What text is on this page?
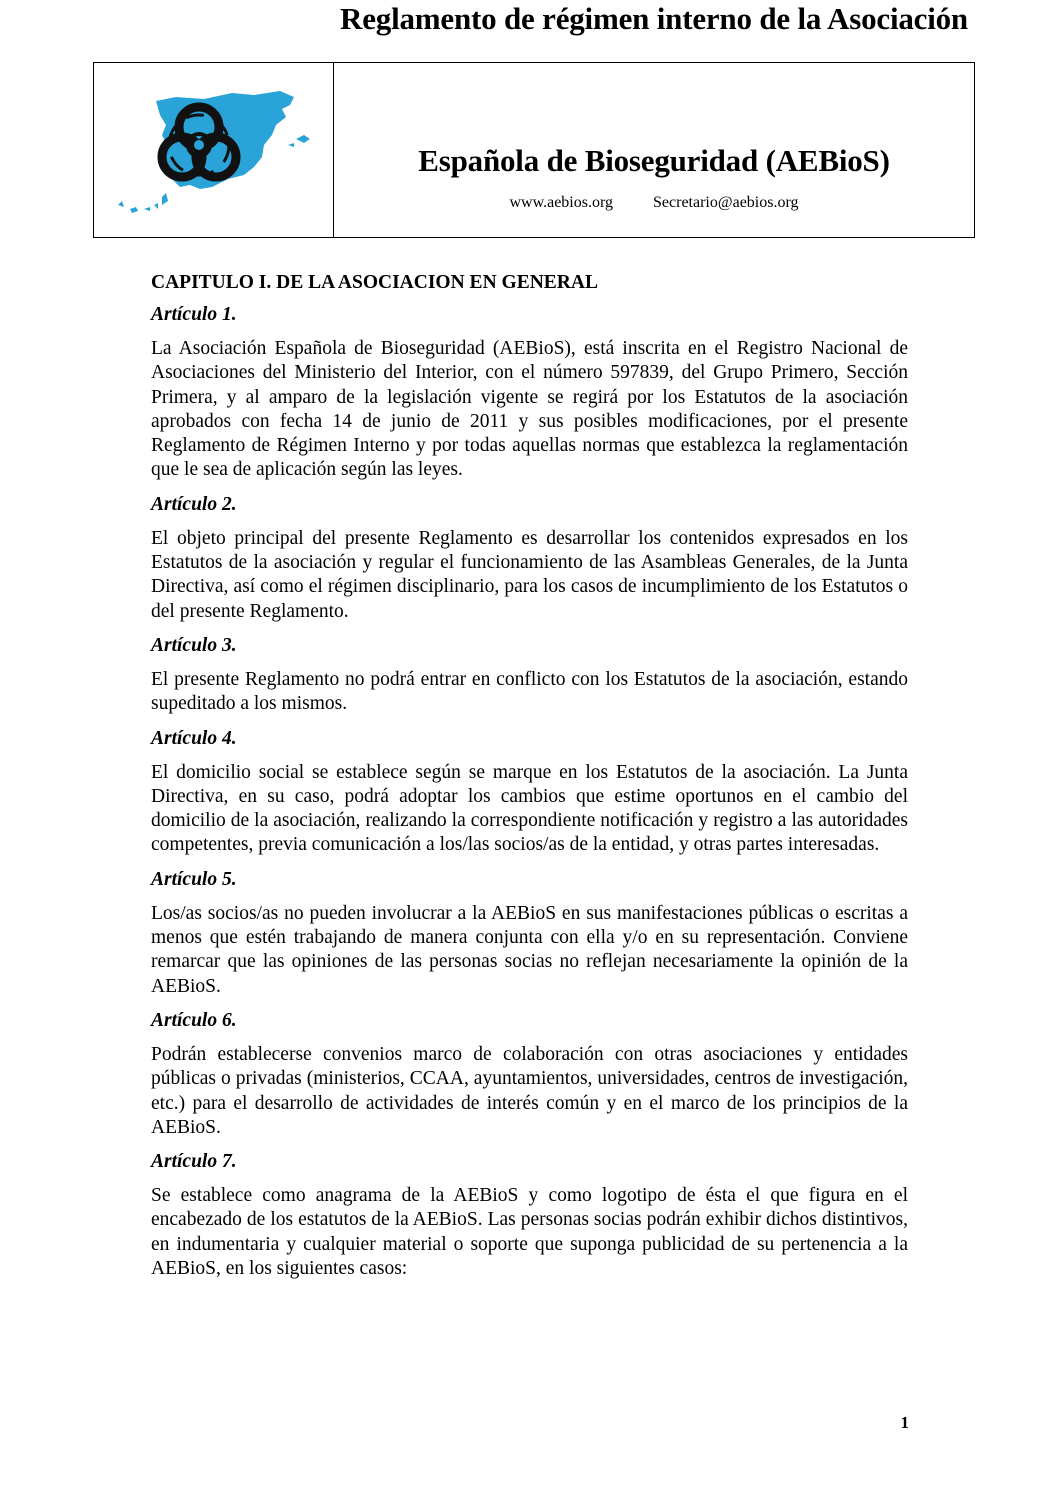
Reglamento de régimen interno de la Asociación
Española de Bioseguridad (AEBioS)
www.aebios.org	Secretario@aebios.org
CAPITULO I. DE LA ASOCIACION EN GENERAL
Artículo 1.
La Asociación Española de Bioseguridad (AEBioS), está inscrita en el Registro Nacional de Asociaciones del Ministerio del Interior, con el número 597839, del Grupo Primero, Sección Primera, y al amparo de la legislación vigente se regirá por los Estatutos de la asociación aprobados con fecha 14 de junio de 2011 y sus posibles modificaciones, por el presente Reglamento de Régimen Interno y por todas aquellas normas que establezca la reglamentación que le sea de aplicación según las leyes.
Artículo 2.
El objeto principal del presente Reglamento es desarrollar los contenidos expresados en los Estatutos de la asociación y regular el funcionamiento de las Asambleas Generales, de la Junta Directiva, así como el régimen disciplinario, para los casos de incumplimiento de los Estatutos o del presente Reglamento.
Artículo 3.
El presente Reglamento no podrá entrar en conflicto con los Estatutos de la asociación, estando supeditado a los mismos.
Artículo 4.
El domicilio social se establece según se marque en los Estatutos de la asociación. La Junta Directiva, en su caso, podrá adoptar los cambios que estime oportunos en el cambio del domicilio de la asociación, realizando la correspondiente notificación y registro a las autoridades competentes, previa comunicación a los/las socios/as de la entidad, y otras partes interesadas.
Artículo 5.
Los/as socios/as no pueden involucrar a la AEBioS en sus manifestaciones públicas o escritas a menos que estén trabajando de manera conjunta con ella y/o en su representación. Conviene remarcar que las opiniones de las personas socias no reflejan necesariamente la opinión de la AEBioS.
Artículo 6.
Podrán establecerse convenios marco de colaboración con otras asociaciones y entidades públicas o privadas (ministerios, CCAA, ayuntamientos, universidades, centros de investigación, etc.) para el desarrollo de actividades de interés común y en el marco de los principios de la AEBioS.
Artículo 7.
Se establece como anagrama de la AEBioS y como logotipo de ésta el que figura en el encabezado de los estatutos de la AEBioS. Las personas socias podrán exhibir dichos distintivos, en indumentaria y cualquier material o soporte que suponga publicidad de su pertenencia a la AEBioS, en los siguientes casos:
1
